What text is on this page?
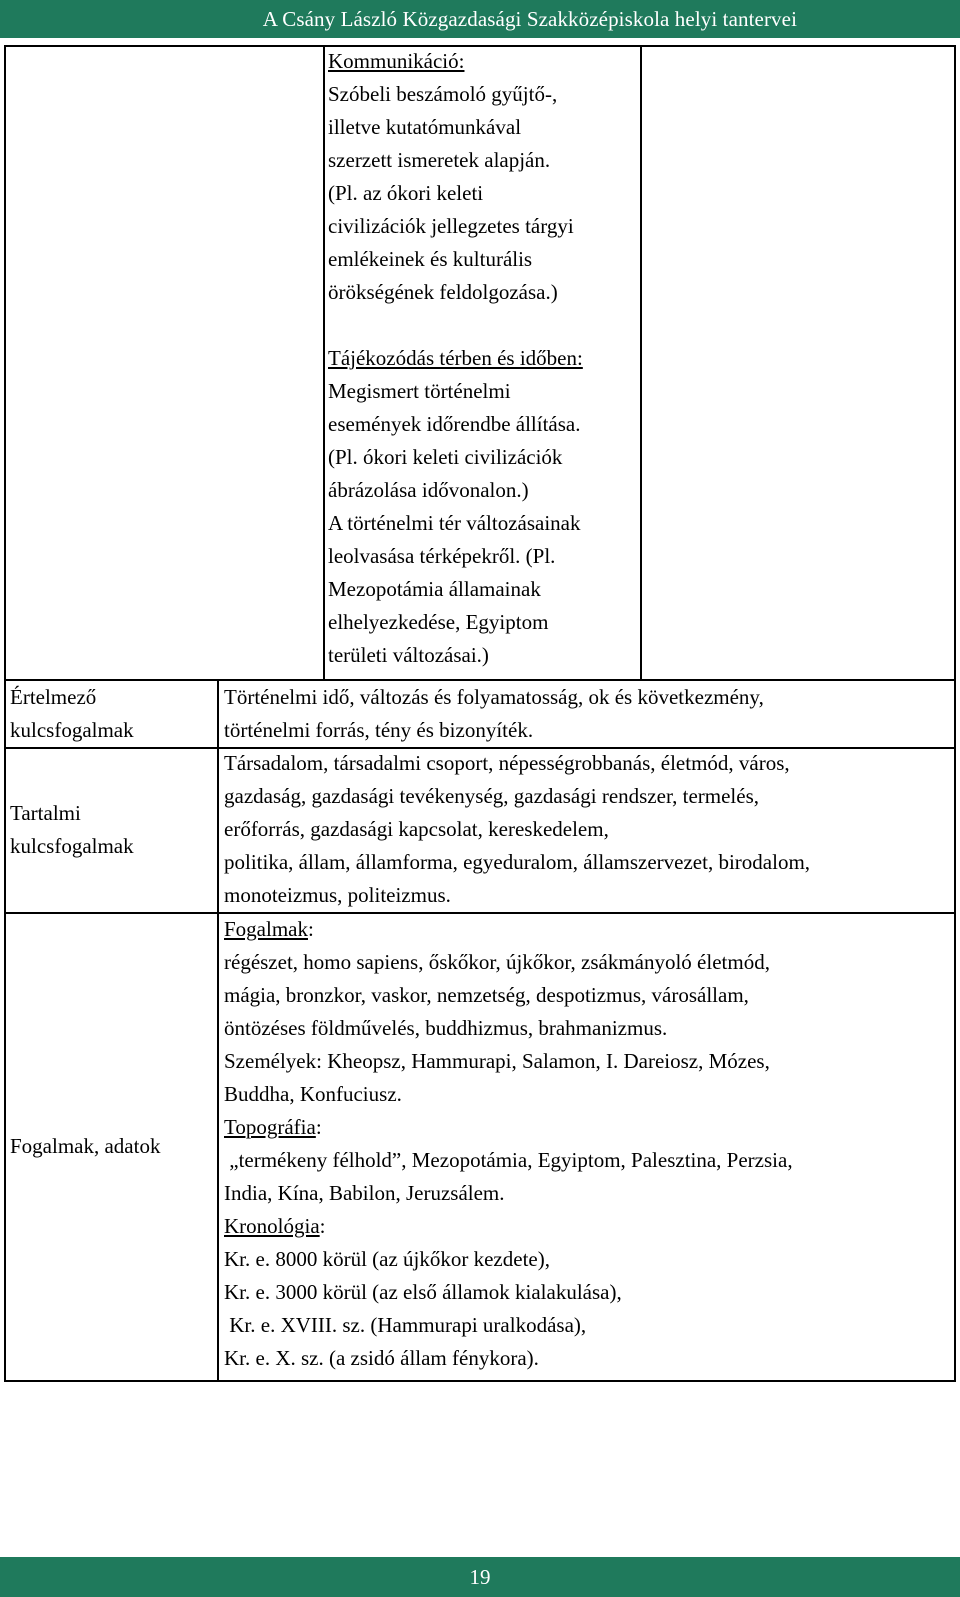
A Csány László Közgazdasági Szakközépiskola helyi tantervei

Kommunikáció:

Szóbeli beszámoló gyűjtő-,

illetve kutatómunkával

szerzett ismeretek alapján.

(Pl. az ókori keleti

civilizációk jellegzetes tárgyi

emlékeinek és kulturális

örökségének feldolgozása.)

Tájékozódás térben és időben:

Megismert történelmi

események időrendbe állítása.

(Pl. ókori keleti civilizációk

ábrázolása idővonalon.)

A történelmi tér változásainak

leolvasása térképekről. (Pl.

Mezopotámia államainak

elhelyezkedése, Egyiptom

területi változásai.)

Értelmező

kulcsfogalmak

Történelmi idő, változás és folyamatosság, ok és következmény,

történelmi forrás, tény és bizonyíték.

Tartalmi

kulcsfogalmak

Társadalom, társadalmi csoport, népességrobbanás, életmód, város,

gazdaság, gazdasági tevékenység, gazdasági rendszer, termelés,

erőforrás, gazdasági kapcsolat, kereskedelem,

politika, állam, államforma, egyeduralom, államszervezet, birodalom,

monoteizmus, politeizmus.

Fogalmak, adatok

Fogalmak:

régészet, homo sapiens, őskőkor, újkőkor, zsákmányoló életmód,

mágia, bronzkor, vaskor, nemzetség, despotizmus, városállam,

öntözéses földművelés, buddhizmus, brahmanizmus.

Személyek: Kheopsz, Hammurapi, Salamon, I. Dareiosz, Mózes,

Buddha, Konfuciusz.

Topográfia:

„termékeny félhold”, Mezopotámia, Egyiptom, Palesztina, Perzsia,

India, Kína, Babilon, Jeruzsálem.

Kronológia:

Kr. e. 8000 körül (az újkőkor kezdete),

Kr. e. 3000 körül (az első államok kialakulása),

Kr. e. XVIII. sz. (Hammurapi uralkodása),

Kr. e. X. sz. (a zsidó állam fénykora).

19
